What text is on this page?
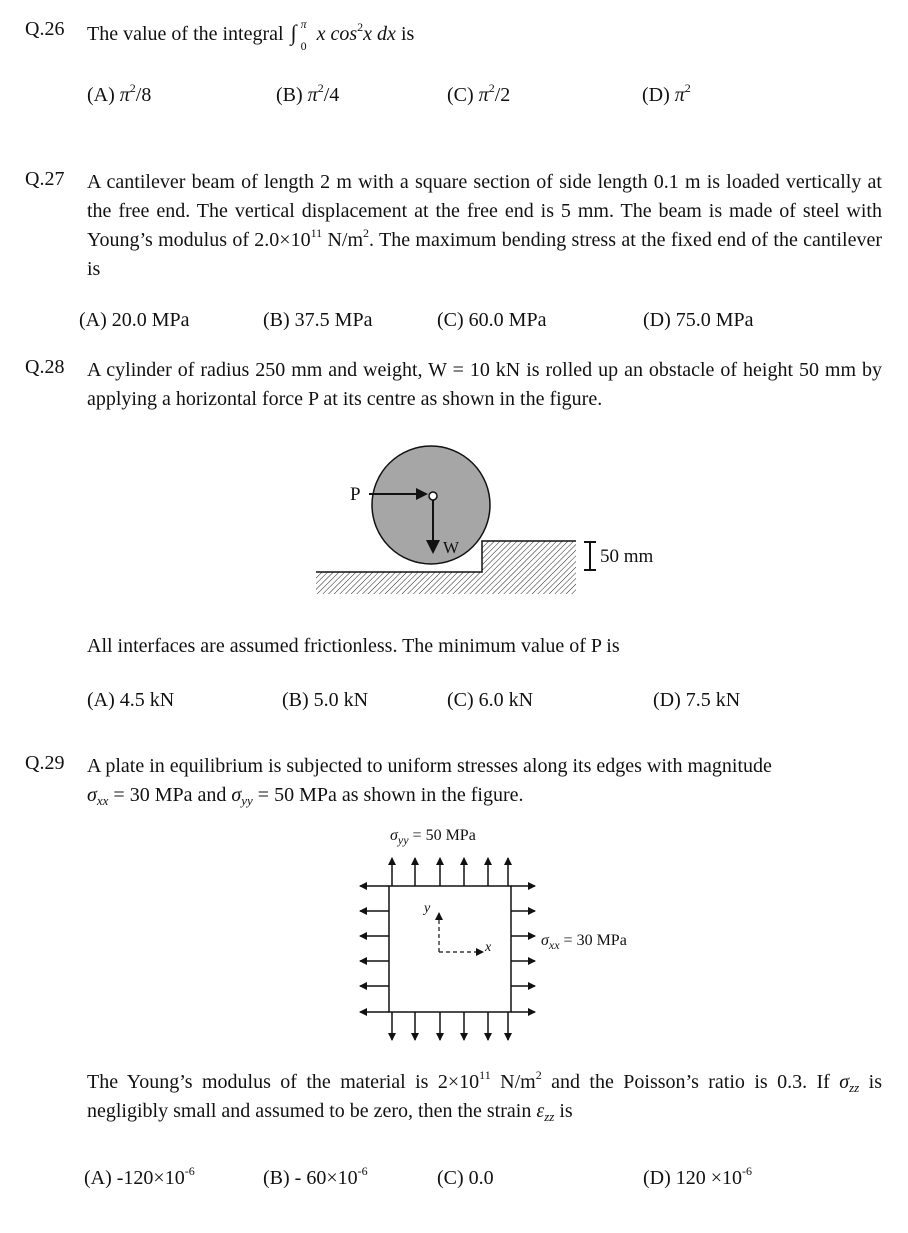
Q.26 The value of the integral ∫ π
0
x $\cos^2x$ dx is
(A) $\pi^2/8$	(B) $\pi^2/4$	(C) $\pi^2/2$	(D) $\pi^2$
Q.27 A cantilever beam of length 2 m with a square section of side length 0.1 m is loaded vertically at the free end. The vertical displacement at the free end is 5 mm. The beam is made of steel with Young’s modulus of $2.0\times 10^{11}$ $N/m^2$. The maximum bending stress at the fixed end of the cantilever is
(A) 20.0 MPa	(B) 37.5 MPa	(C) 60.0 MPa	(D) 75.0 MPa
Q.28 A cylinder of radius 250 mm and weight, W = 10 kN is rolled up an obstacle of height 50 mm by applying a horizontal force P at its centre as shown in the figure.
P
W	50 mm
All interfaces are assumed frictionless. The minimum value of P is
(A) 4.5 kN	(B) 5.0 kN	(C) 6.0 kN	(D) 7.5 kN
Q.29 A plate in equilibrium is subjected to uniform stresses along its edges with magnitude
$\sigma_{xx} = 30$ MPa and $\sigma_{yy} = 50$ MPa as shown in the figure.
$\sigma_{yy} = 50$ MPa
y
x	$\sigma_{xx} = 30$ MPa
The Young’s modulus of the material is $2\times 10^{11}$ $N/m^2$ and the Poisson’s ratio is 0.3. If $\sigma_{zz}$ is negligibly small and assumed to be zero, then the strain $\varepsilon_{zz}$ is
(A) $-120\times 10^{-6}$	$(B) - 60\times 10^{-6}$	(C) 0.0	(D) $120 \times 10^{-6}$
